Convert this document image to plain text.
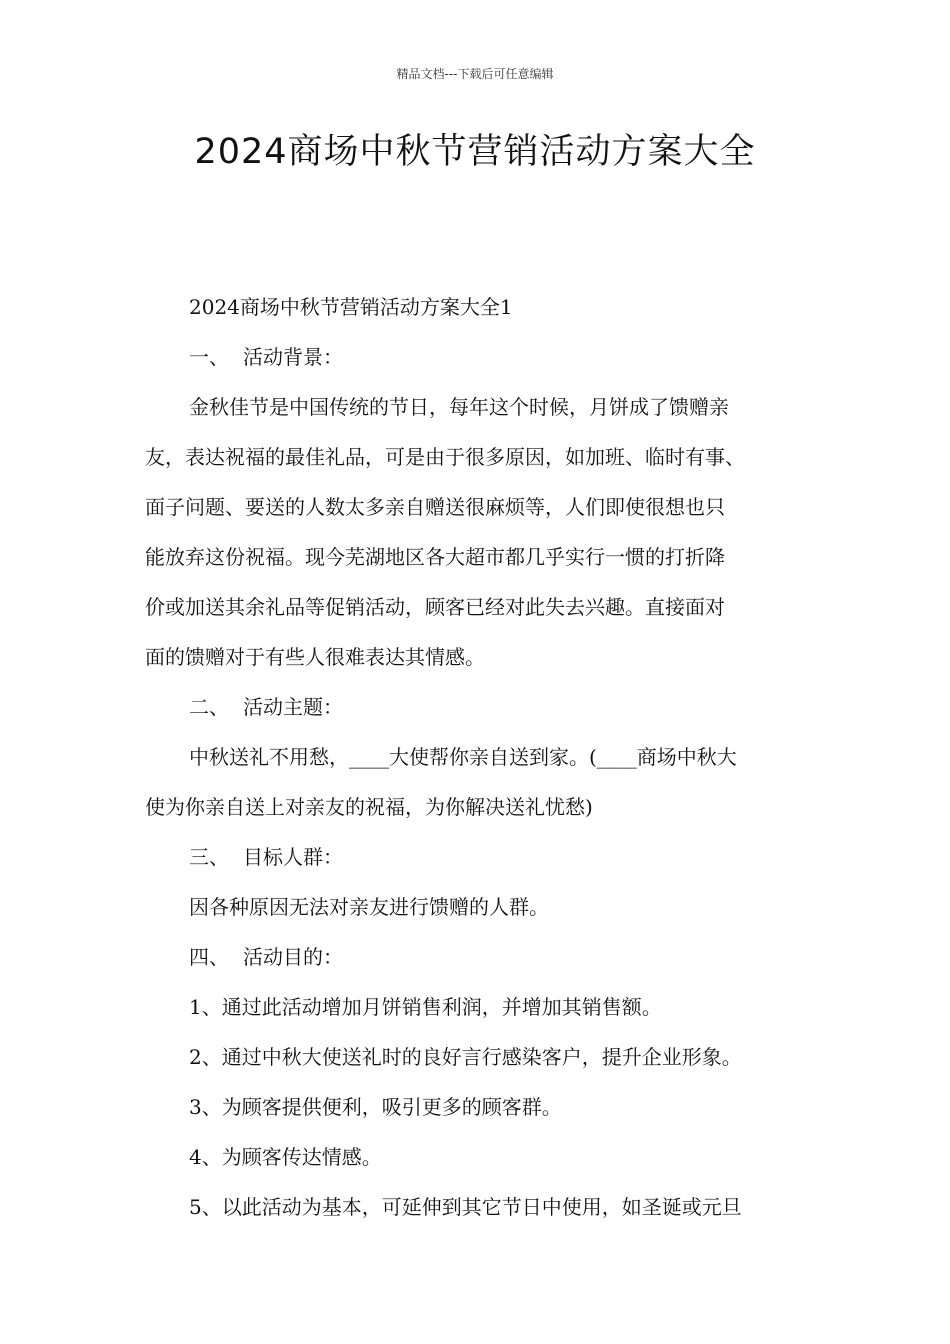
精品文档---下载后可任意编辑
2024商场中秋节营销活动方案大全

2024商场中秋节营销活动方案大全1

一、 活动背景：

金秋佳节是中国传统的节日，每年这个时候，月饼成了馈赠亲

友，表达祝福的最佳礼品，可是由于很多原因，如加班、临时有事、

面子问题、要送的人数太多亲自赠送很麻烦等，人们即使很想也只

能放弃这份祝福。现今芜湖地区各大超市都几乎实行一惯的打折降

价或加送其余礼品等促销活动，顾客已经对此失去兴趣。直接面对

面的馈赠对于有些人很难表达其情感。

二、 活动主题：

中秋送礼不用愁，____大使帮你亲自送到家。(____商场中秋大

使为你亲自送上对亲友的祝福，为你解决送礼忧愁)

三、 目标人群：

因各种原因无法对亲友进行馈赠的人群。

四、 活动目的：

1、通过此活动增加月饼销售利润，并增加其销售额。

2、通过中秋大使送礼时的良好言行感染客户，提升企业形象。

3、为顾客提供便利，吸引更多的顾客群。

4、为顾客传达情感。

5、以此活动为基本，可延伸到其它节日中使用，如圣诞或元旦
